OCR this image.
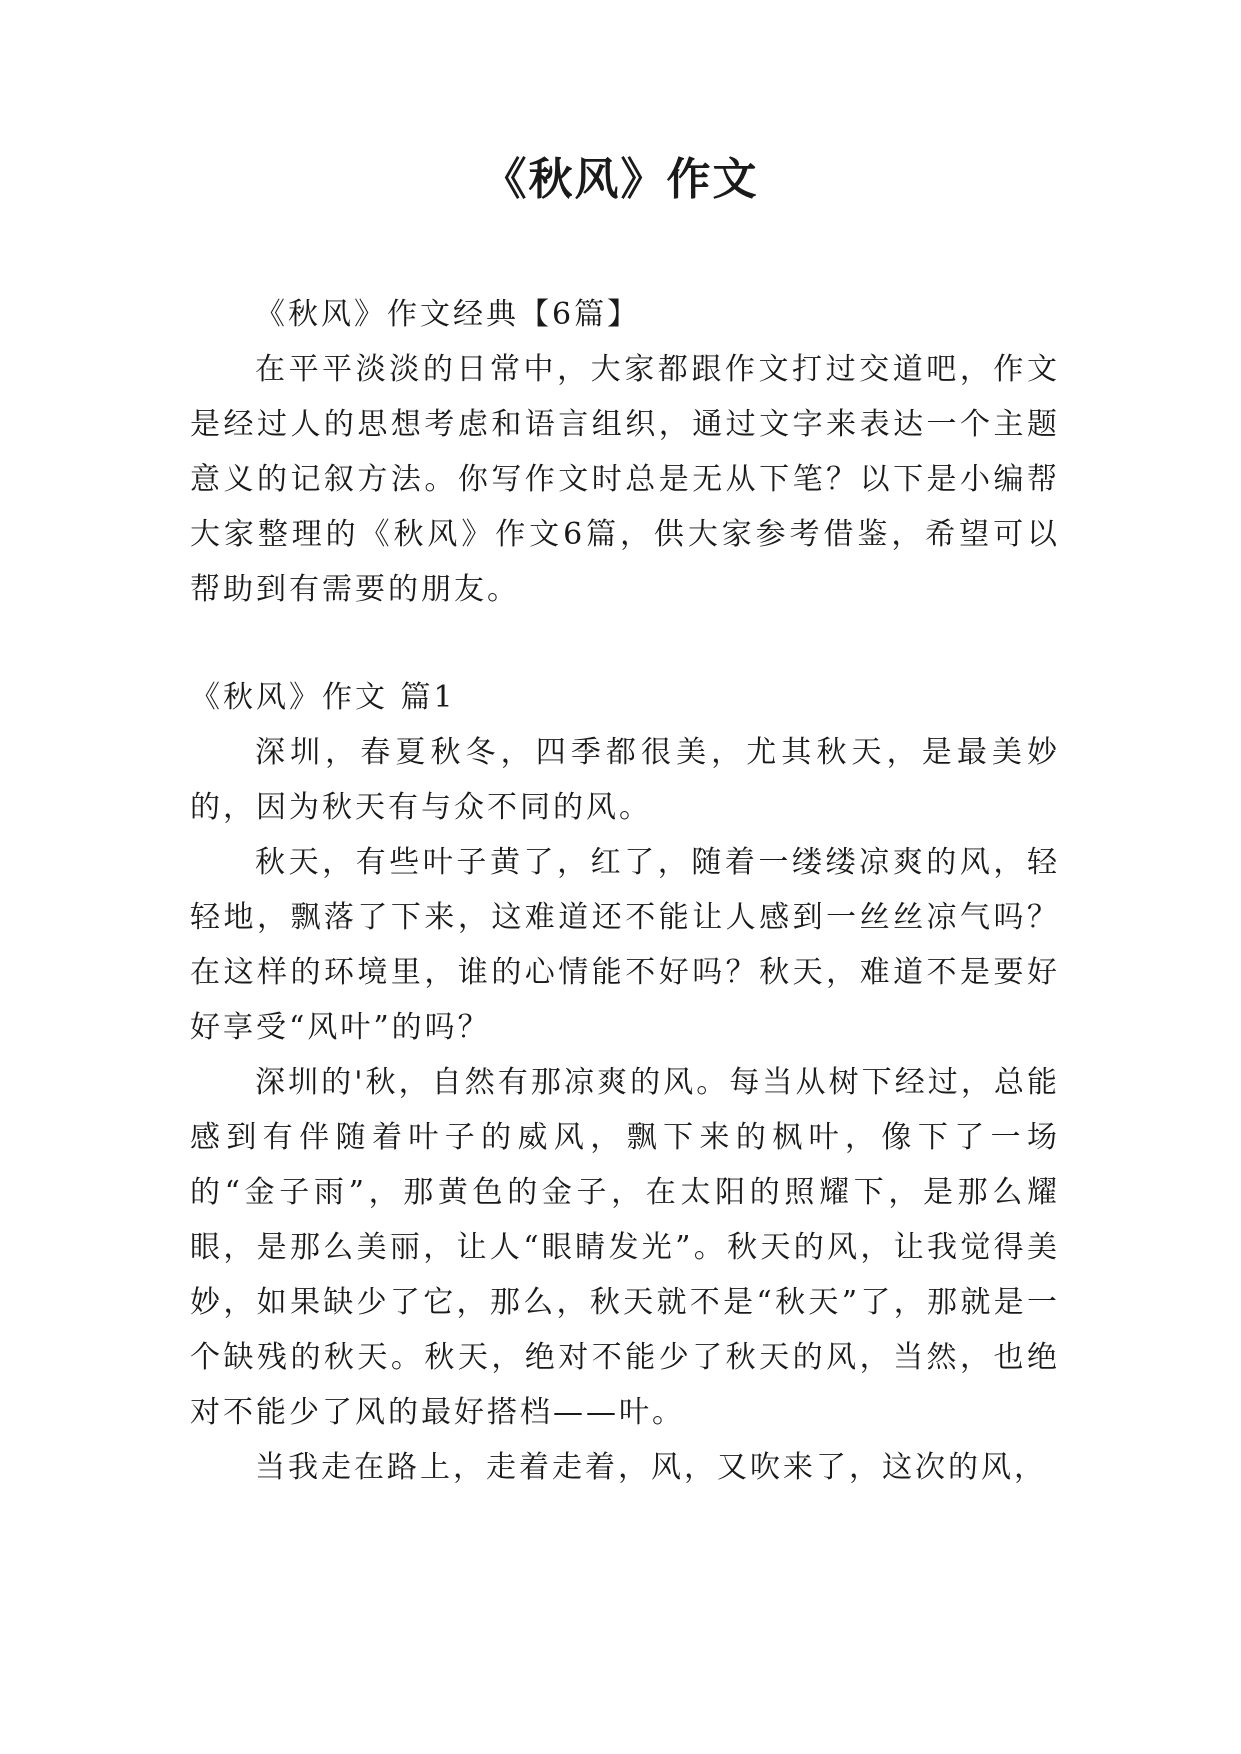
《秋风》作文

《秋风》作文经典【6篇】

在平平淡淡的日常中，大家都跟作文打过交道吧，作文是经过人的思想考虑和语言组织，通过文字来表达一个主题意义的记叙方法。你写作文时总是无从下笔？以下是小编帮大家整理的《秋风》作文6篇，供大家参考借鉴，希望可以帮助到有需要的朋友。

《秋风》作文 篇1

深圳，春夏秋冬，四季都很美，尤其秋天，是最美妙的，因为秋天有与众不同的风。

秋天，有些叶子黄了，红了，随着一缕缕凉爽的风，轻轻地，飘落了下来，这难道还不能让人感到一丝丝凉气吗？在这样的环境里，谁的心情能不好吗？秋天，难道不是要好好享受“风叶”的吗？

深圳的'秋，自然有那凉爽的风。每当从树下经过，总能感到有伴随着叶子的威风，飘下来的枫叶，像下了一场的“金子雨”，那黄色的金子，在太阳的照耀下，是那么耀眼，是那么美丽，让人“眼睛发光”。秋天的风，让我觉得美妙，如果缺少了它，那么，秋天就不是“秋天”了，那就是一个缺残的秋天。秋天，绝对不能少了秋天的风，当然，也绝对不能少了风的最好搭档——叶。

当我走在路上，走着走着，风，又吹来了，这次的风，
